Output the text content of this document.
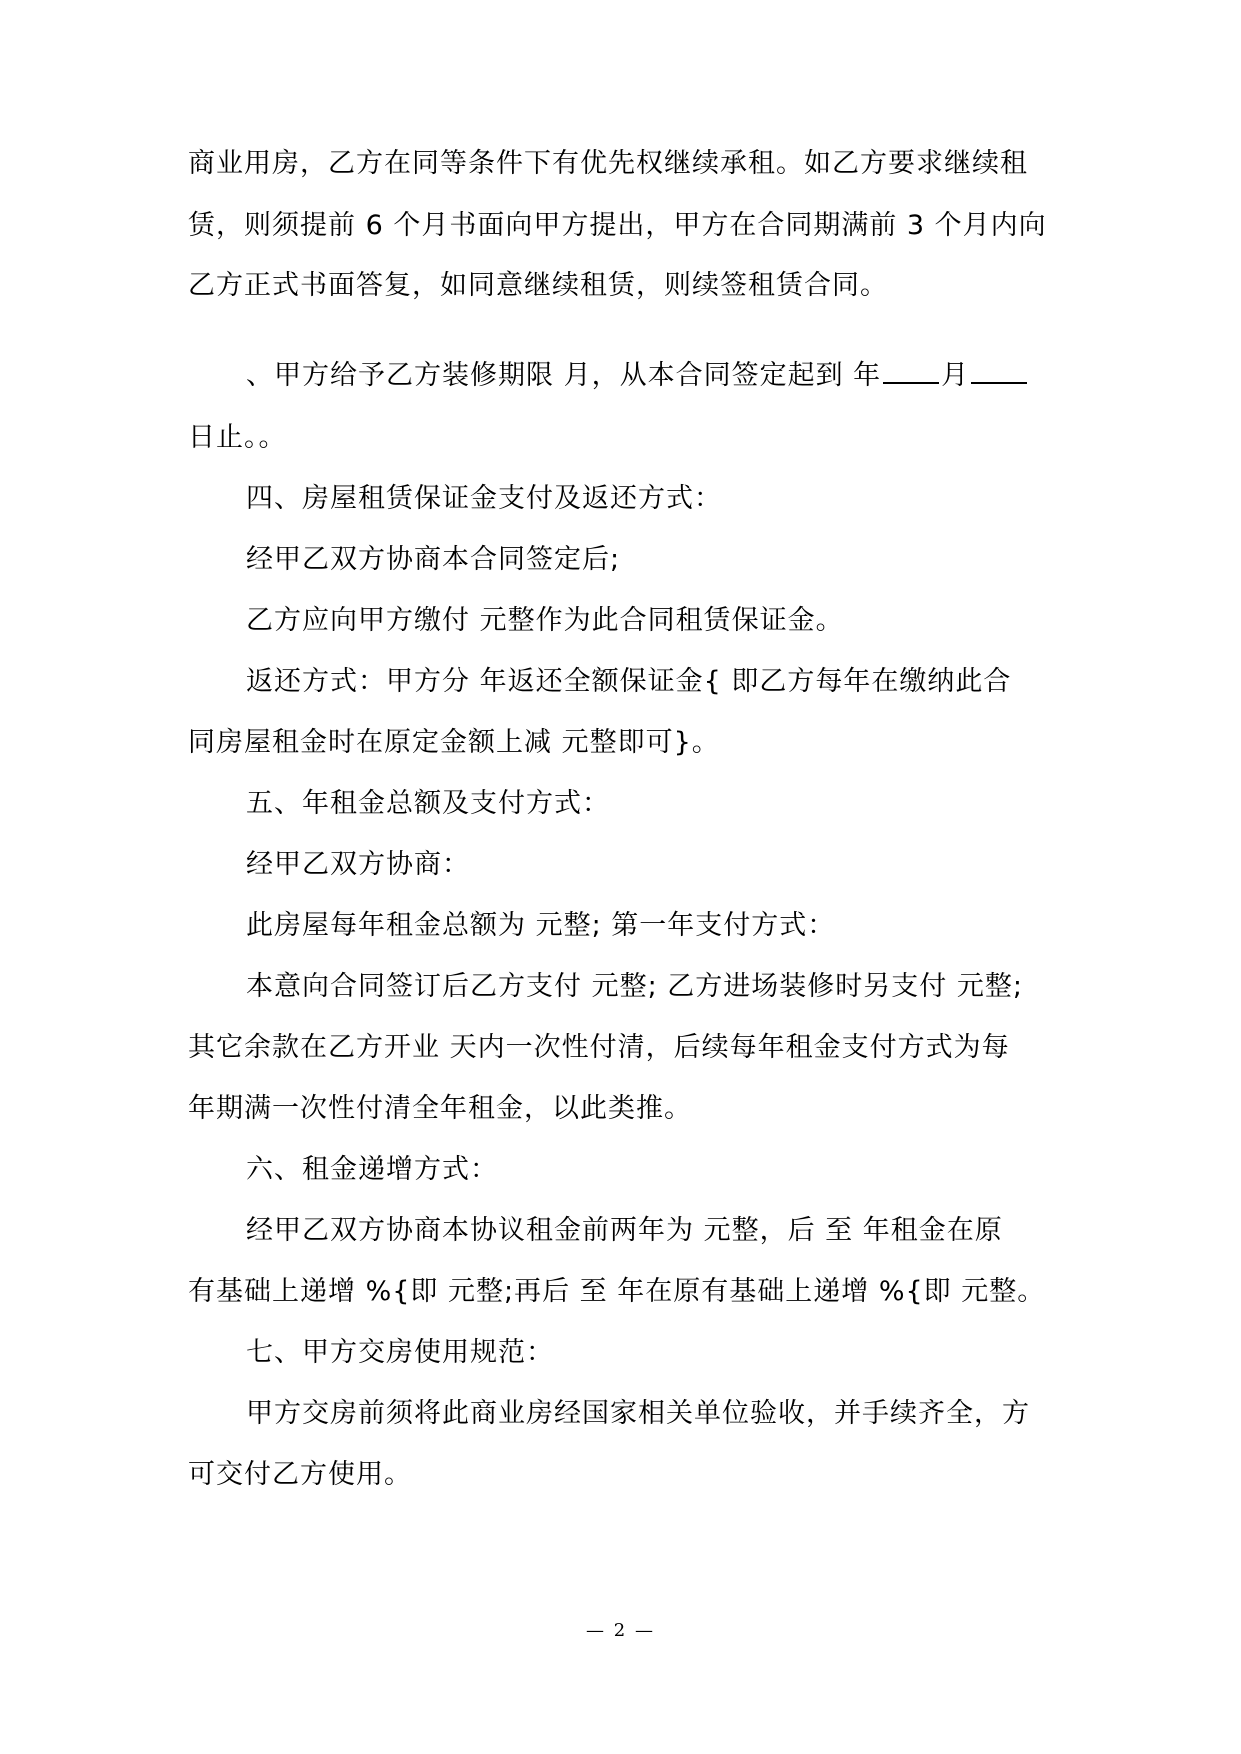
商业用房，乙方在同等条件下有优先权继续承租。如乙方要求继续租
赁，则须提前 6 个月书面向甲方提出，甲方在合同期满前 3 个月内向
乙方正式书面答复，如同意继续租赁，则续签租赁合同。
、甲方给予乙方装修期限 月，从本合同签定起到 年 月
日止。。
四、房屋租赁保证金支付及返还方式：
经甲乙双方协商本合同签定后;
乙方应向甲方缴付 元整作为此合同租赁保证金。
返还方式：甲方分 年返还全额保证金{ 即乙方每年在缴纳此合
同房屋租金时在原定金额上减 元整即可}。
五、年租金总额及支付方式：
经甲乙双方协商：
此房屋每年租金总额为 元整; 第一年支付方式：
本意向合同签订后乙方支付 元整; 乙方进场装修时另支付 元整;
其它余款在乙方开业 天内一次性付清，后续每年租金支付方式为每
年期满一次性付清全年租金，以此类推。
六、租金递增方式：
经甲乙双方协商本协议租金前两年为 元整，后 至 年租金在原
有基础上递增 %{即 元整;再后 至 年在原有基础上递增 %{即 元整。
七、甲方交房使用规范：
甲方交房前须将此商业房经国家相关单位验收，并手续齐全，方
可交付乙方使用。
— 2 —
